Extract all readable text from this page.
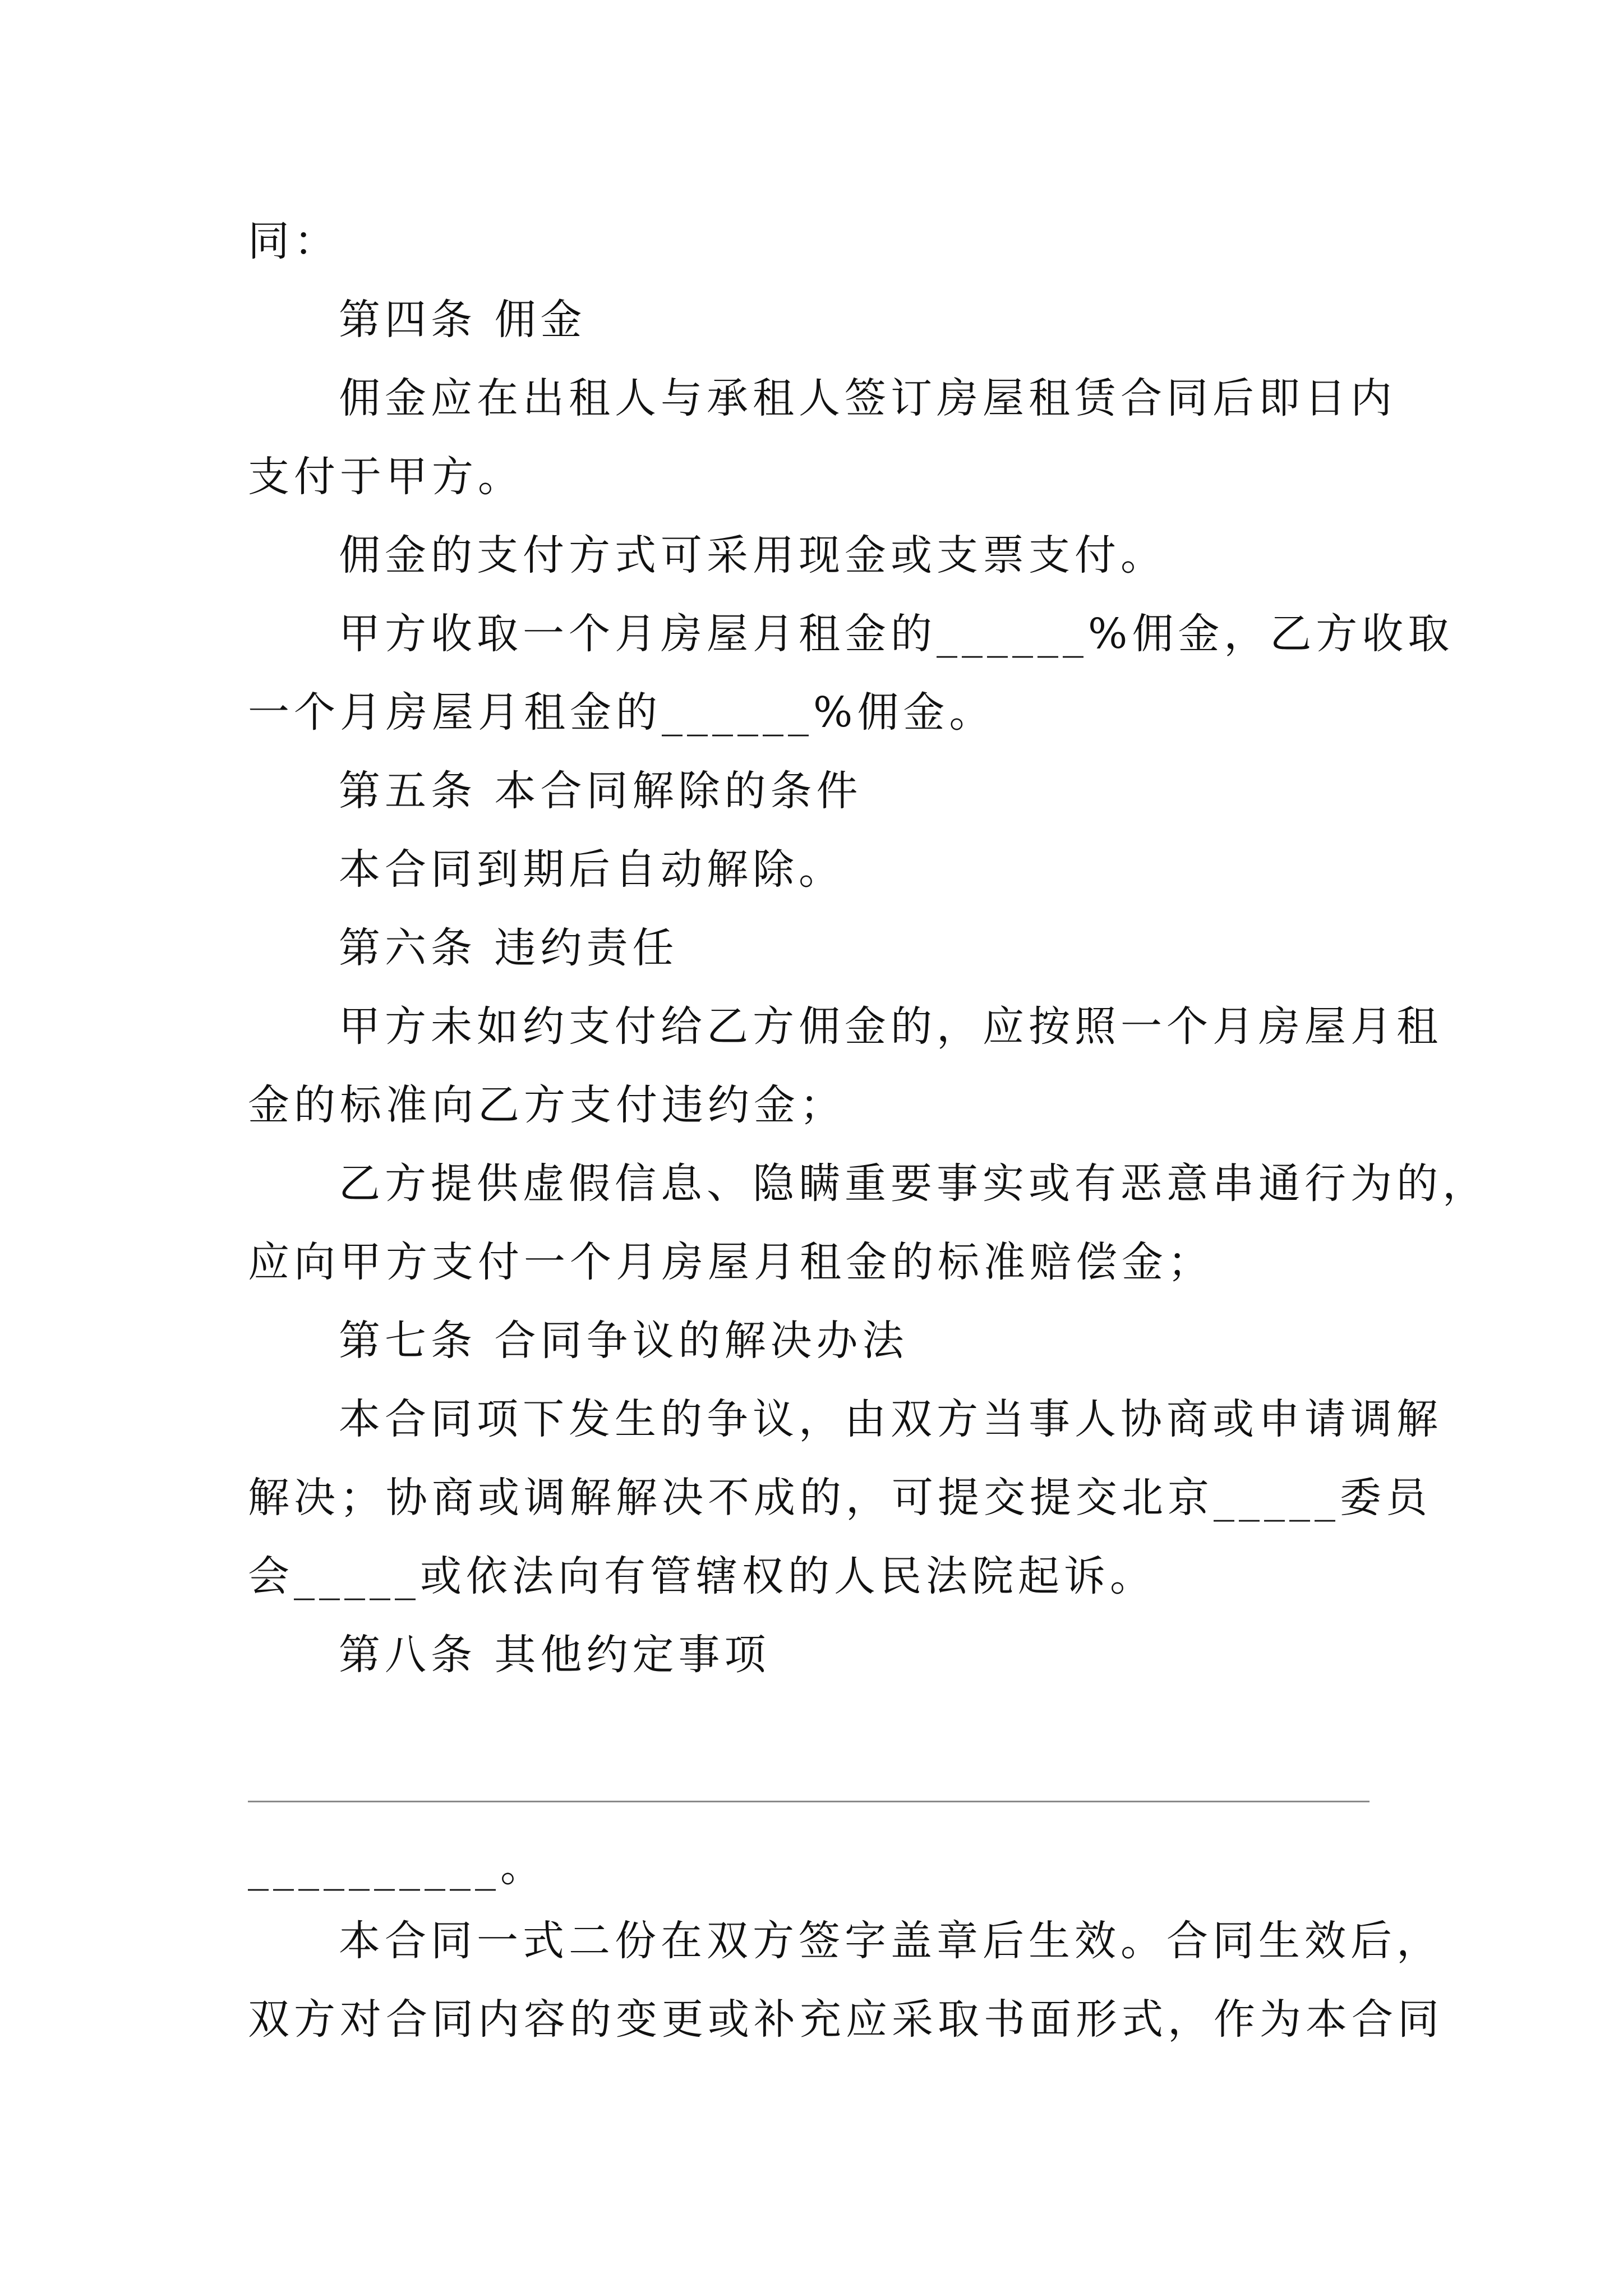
同：
第四条 佣金
佣金应在出租人与承租人签订房屋租赁合同后即日内
支付于甲方。
佣金的支付方式可采用现金或支票支付。
甲方收取一个月房屋月租金的______%佣金，乙方收取
一个月房屋月租金的______%佣金。
第五条 本合同解除的条件
本合同到期后自动解除。
第六条 违约责任
甲方未如约支付给乙方佣金的，应按照一个月房屋月租
金的标准向乙方支付违约金；
乙方提供虚假信息、隐瞒重要事实或有恶意串通行为的，
应向甲方支付一个月房屋月租金的标准赔偿金；
第七条 合同争议的解决办法
本合同项下发生的争议，由双方当事人协商或申请调解
解决；协商或调解解决不成的，可提交提交北京_____委员
会_____或依法向有管辖权的人民法院起诉。
第八条 其他约定事项
__________。
本合同一式二份在双方签字盖章后生效。合同生效后，
双方对合同内容的变更或补充应采取书面形式，作为本合同
